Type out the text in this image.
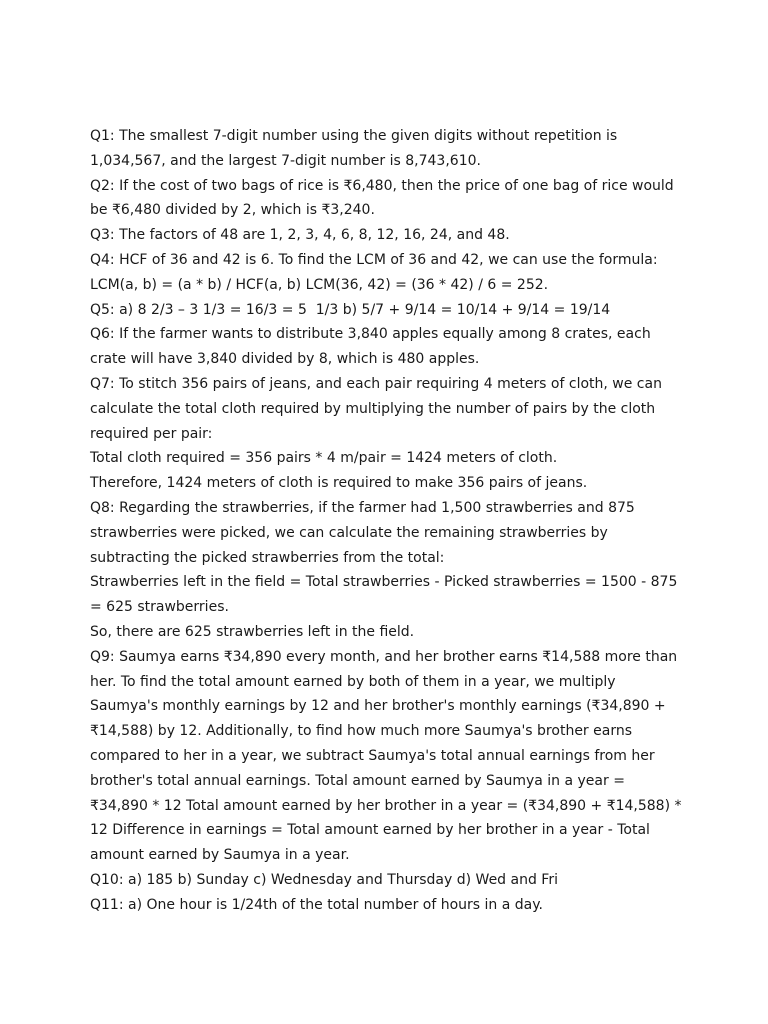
Q1: The smallest 7-digit number using the given digits without repetition is
1,034,567, and the largest 7-digit number is 8,743,610.
Q2: If the cost of two bags of rice is ₹6,480, then the price of one bag of rice would
be ₹6,480 divided by 2, which is ₹3,240.
Q3: The factors of 48 are 1, 2, 3, 4, 6, 8, 12, 16, 24, and 48.
Q4: HCF of 36 and 42 is 6. To find the LCM of 36 and 42, we can use the formula:
LCM(a, b) = (a * b) / HCF(a, b) LCM(36, 42) = (36 * 42) / 6 = 252.
Q5: a) 8 2/3 – 3 1/3 = 16/3 = 5  1/3 b) 5/7 + 9/14 = 10/14 + 9/14 = 19/14
Q6: If the farmer wants to distribute 3,840 apples equally among 8 crates, each
crate will have 3,840 divided by 8, which is 480 apples.
Q7: To stitch 356 pairs of jeans, and each pair requiring 4 meters of cloth, we can
calculate the total cloth required by multiplying the number of pairs by the cloth
required per pair:
Total cloth required = 356 pairs * 4 m/pair = 1424 meters of cloth.
Therefore, 1424 meters of cloth is required to make 356 pairs of jeans.
Q8: Regarding the strawberries, if the farmer had 1,500 strawberries and 875
strawberries were picked, we can calculate the remaining strawberries by
subtracting the picked strawberries from the total:
Strawberries left in the field = Total strawberries - Picked strawberries = 1500 - 875
= 625 strawberries.
So, there are 625 strawberries left in the field.
Q9: Saumya earns ₹34,890 every month, and her brother earns ₹14,588 more than
her. To find the total amount earned by both of them in a year, we multiply
Saumya's monthly earnings by 12 and her brother's monthly earnings (₹34,890 +
₹14,588) by 12. Additionally, to find how much more Saumya's brother earns
compared to her in a year, we subtract Saumya's total annual earnings from her
brother's total annual earnings. Total amount earned by Saumya in a year =
₹34,890 * 12 Total amount earned by her brother in a year = (₹34,890 + ₹14,588) *
12 Difference in earnings = Total amount earned by her brother in a year - Total
amount earned by Saumya in a year.
Q10: a) 185 b) Sunday c) Wednesday and Thursday d) Wed and Fri
Q11: a) One hour is 1/24th of the total number of hours in a day.
